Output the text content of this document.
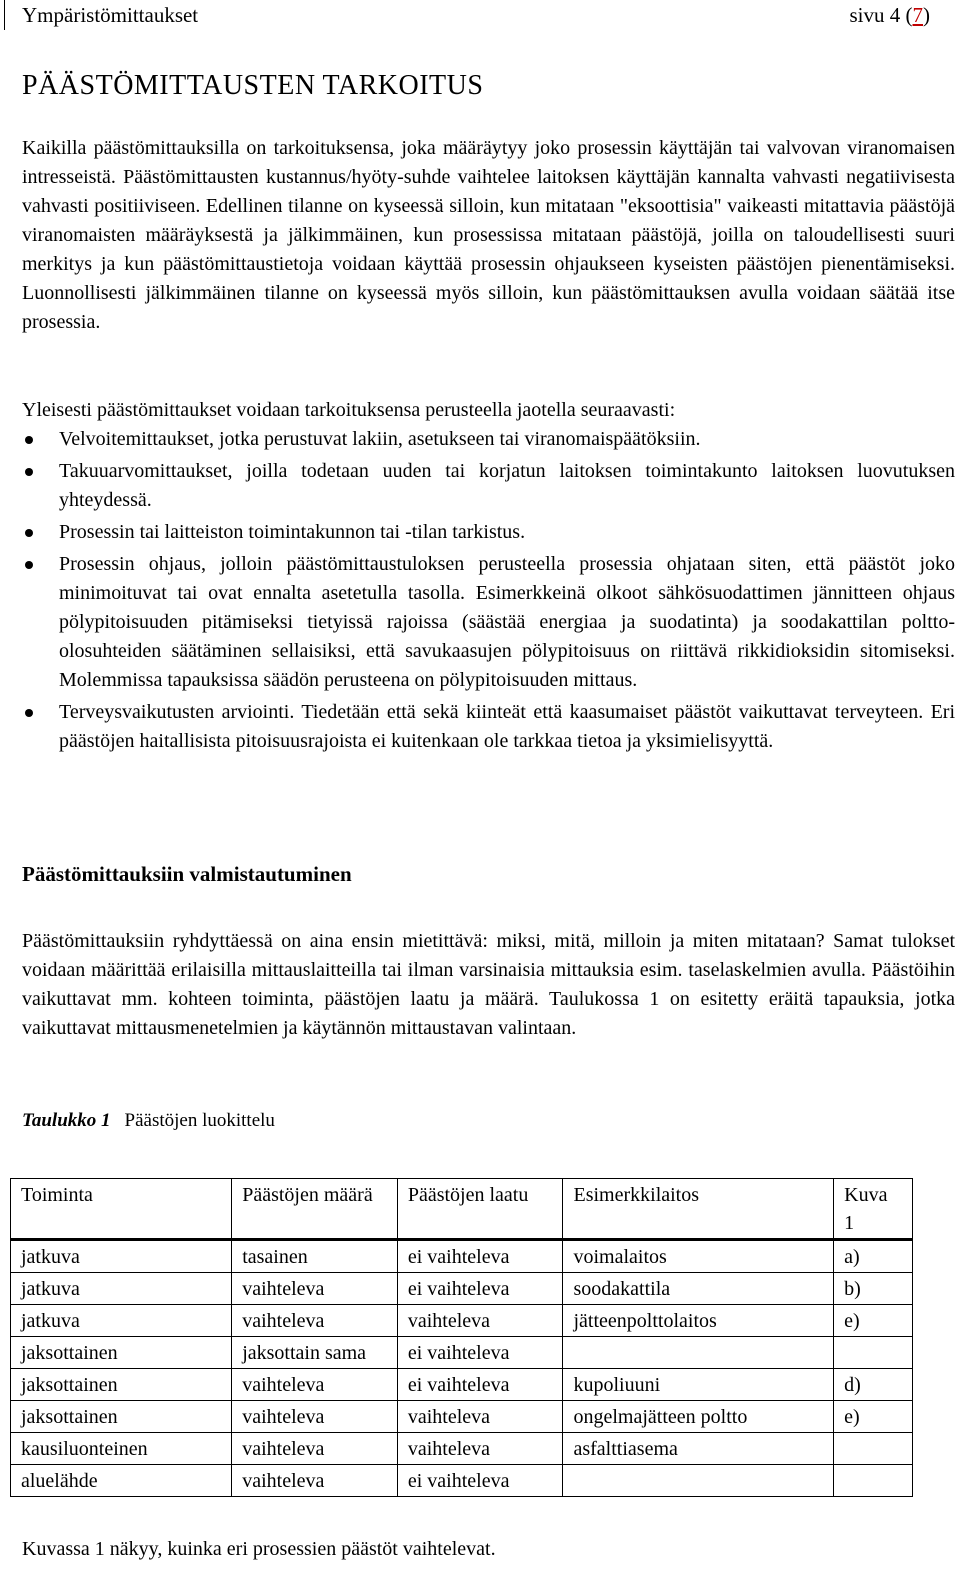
Ympäristömittaukset	sivu 4 (7)
PÄÄSTÖMITTAUSTEN TARKOITUS

Kaikilla päästömittauksilla on tarkoituksensa, joka määräytyy joko prosessin käyttäjän tai valvovan viranomaisen intresseistä. Päästömittausten kustannus/hyöty-suhde vaihtelee laitoksen käyttäjän kannalta vahvasti negatiivisesta vahvasti positiiviseen. Edellinen tilanne on kyseessä silloin, kun mitataan "eksoottisia" vaikeasti mitattavia päästöjä viranomaisten määräyksestä ja jälkimmäinen, kun prosessissa mitataan päästöjä, joilla on taloudellisesti suuri merkitys ja kun päästömittaustietoja voidaan käyttää prosessin ohjaukseen kyseisten päästöjen pienentämiseksi. Luonnollisesti jälkimmäinen tilanne on kyseessä myös silloin, kun päästömittauksen avulla voidaan säätää itse prosessia.

Yleisesti päästömittaukset voidaan tarkoituksensa perusteella jaotella seuraavasti:

Velvoitemittaukset, jotka perustuvat lakiin, asetukseen tai viranomaispäätöksiin.
Takuuarvomittaukset, joilla todetaan uuden tai korjatun laitoksen toimintakunto laitoksen luovutuksen yhteydessä.
Prosessin tai laitteiston toimintakunnon tai -tilan tarkistus.
Prosessin ohjaus, jolloin päästömittaustuloksen perusteella prosessia ohjataan siten, että päästöt joko minimoituvat tai ovat ennalta asetetulla tasolla. Esimerkkeinä olkoot sähkösuodattimen jännitteen ohjaus pölypitoisuuden pitämiseksi tietyissä rajoissa (säästää energiaa ja suodatinta) ja soodakattilan poltto-olosuhteiden säätäminen sellaisiksi, että savukaasujen pölypitoisuus on riittävä rikkidioksidin sitomiseksi. Molemmissa tapauksissa säädön perusteena on pölypitoisuuden mittaus.
Terveysvaikutusten arviointi. Tiedetään että sekä kiinteät että kaasumaiset päästöt vaikuttavat terveyteen. Eri päästöjen haitallisista pitoisuusrajoista ei kuitenkaan ole tarkkaa tietoa ja yksimielisyyttä.
Päästömittauksiin valmistautuminen

Päästömittauksiin ryhdyttäessä on aina ensin mietittävä: miksi, mitä, milloin ja miten mitataan? Samat tulokset voidaan määrittää erilaisilla mittauslaitteilla tai ilman varsinaisia mittauksia esim. taselaskelmien avulla. Päästöihin vaikuttavat mm. kohteen toiminta, päästöjen laatu ja määrä. Taulukossa 1 on esitetty eräitä tapauksia, jotka vaikuttavat mittausmenetelmien ja käytännön mittaustavan valintaan.

Taulukko 1 Päästöjen luokittelu
Toiminta	Päästöjen määrä	Päästöjen laatu	Esimerkkilaitos	Kuva 1
jatkuva	tasainen	ei vaihteleva	voimalaitos	a)
jatkuva	vaihteleva	ei vaihteleva	soodakattila	b)
jatkuva	vaihteleva	vaihteleva	jätteenpolttolaitos	e)
jaksottainen	jaksottain sama	ei vaihteleva		
jaksottainen	vaihteleva	ei vaihteleva	kupoliuuni	d)
jaksottainen	vaihteleva	vaihteleva	ongelmajätteen poltto	e)
kausiluonteinen	vaihteleva	vaihteleva	asfalttiasema	
aluelähde	vaihteleva	ei vaihteleva		
Kuvassa 1 näkyy, kuinka eri prosessien päästöt vaihtelevat.
